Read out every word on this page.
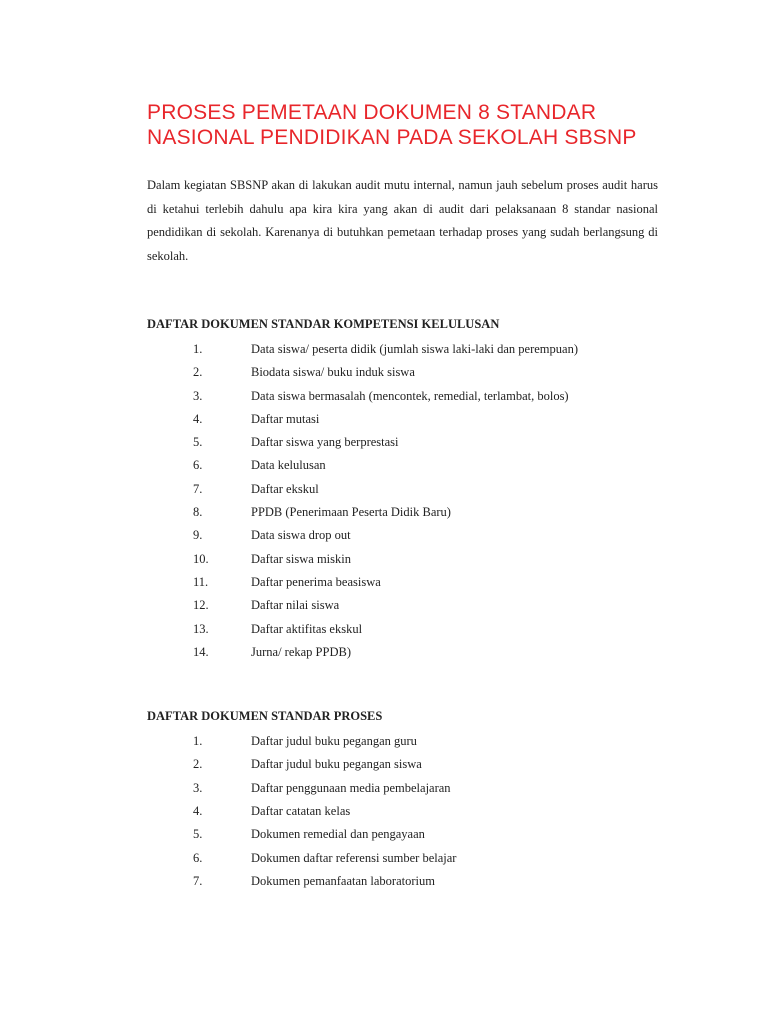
PROSES PEMETAAN DOKUMEN 8 STANDAR
NASIONAL PENDIDIKAN PADA SEKOLAH SBSNP

Dalam kegiatan SBSNP akan di lakukan audit mutu internal, namun jauh sebelum proses audit harus di ketahui terlebih dahulu apa kira kira yang akan di audit dari pelaksanaan 8 standar nasional pendidikan di sekolah. Karenanya di butuhkan pemetaan terhadap proses yang sudah berlangsung di sekolah.

DAFTAR DOKUMEN STANDAR KOMPETENSI KELULUSAN
1.	Data siswa/ peserta didik (jumlah siswa laki-laki dan perempuan)
2.	Biodata siswa/ buku induk siswa
3.	Data siswa bermasalah (mencontek, remedial, terlambat, bolos)
4.	Daftar mutasi
5.	Daftar siswa yang berprestasi
6.	Data kelulusan
7.	Daftar ekskul
8.	PPDB (Penerimaan Peserta Didik Baru)
9.	Data siswa drop out
10.	Daftar siswa miskin
11.	Daftar penerima beasiswa
12.	Daftar nilai siswa
13.	Daftar aktifitas ekskul
14.	Jurna/ rekap PPDB)
DAFTAR DOKUMEN STANDAR PROSES
1.	Daftar judul buku pegangan guru
2.	Daftar judul buku pegangan siswa
3.	Daftar penggunaan media pembelajaran
4.	Daftar catatan kelas
5.	Dokumen remedial dan pengayaan
6.	Dokumen daftar referensi sumber belajar
7.	Dokumen pemanfaatan laboratorium
